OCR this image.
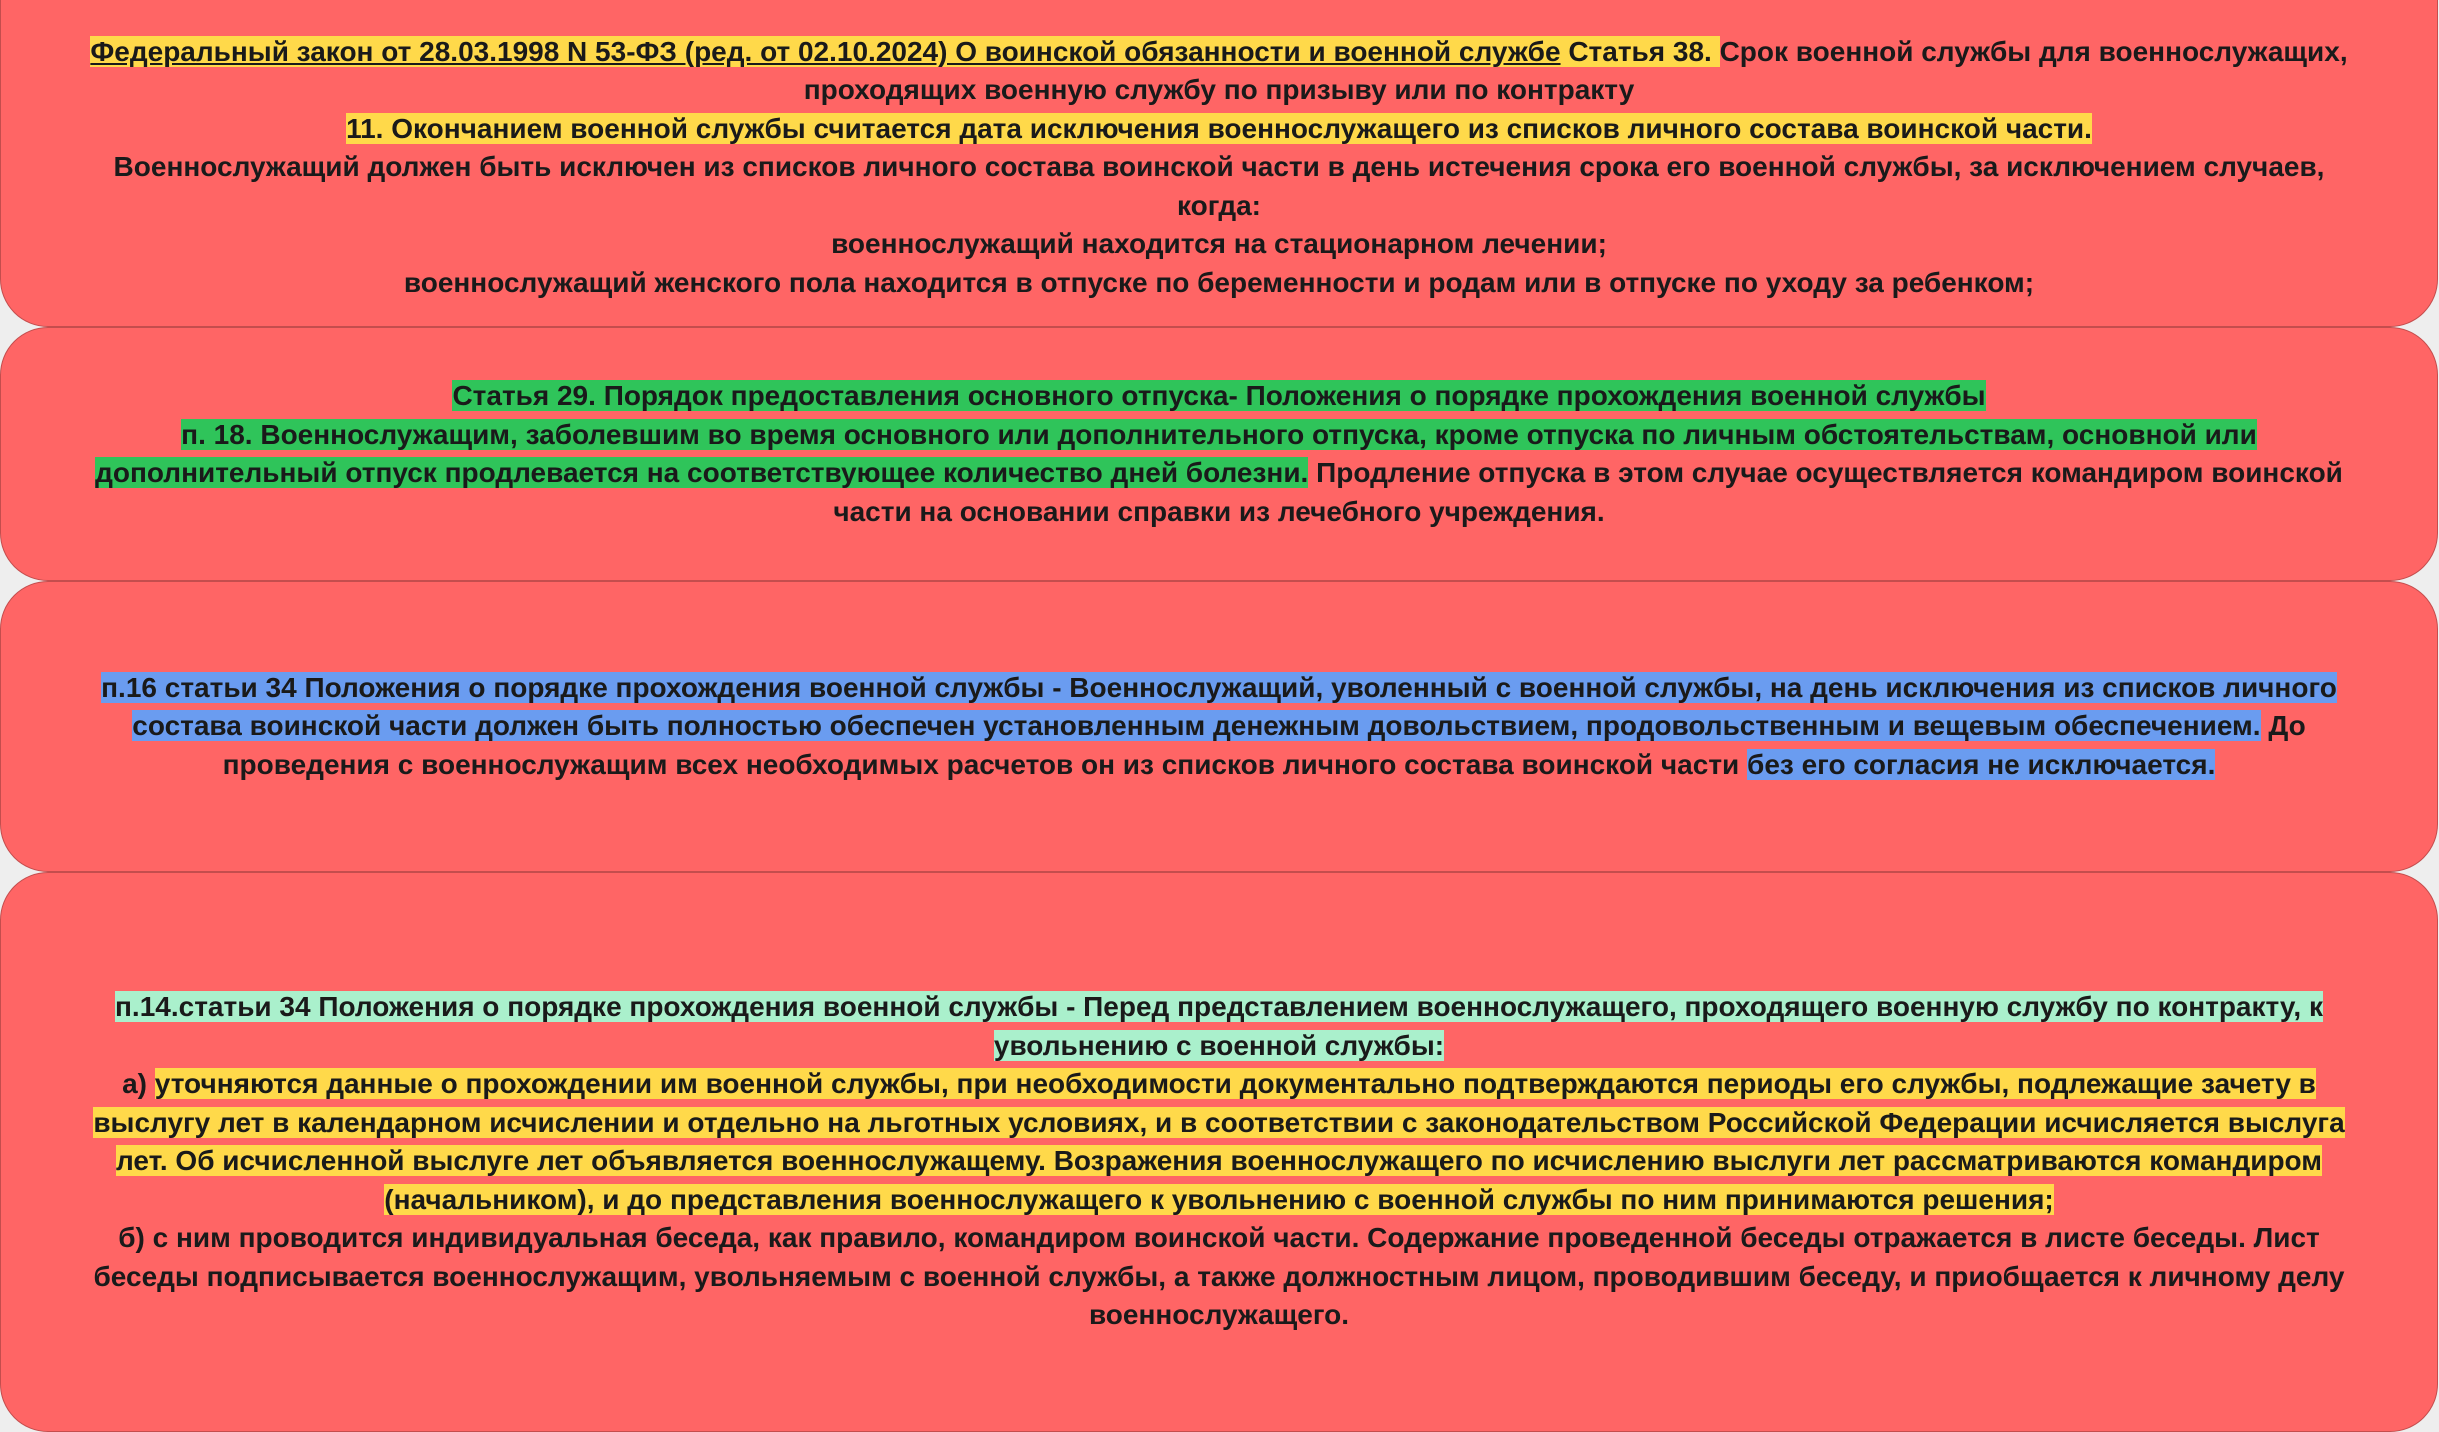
Федеральный закон от 28.03.1998 N 53-ФЗ (ред. от 02.10.2024) О воинской обязанности и военной службе Статья 38. Срок военной службы для военнослужащих,
проходящих военную службу по призыву или по контракту
11. Окончанием военной службы считается дата исключения военнослужащего из списков личного состава воинской части.
Военнослужащий должен быть исключен из списков личного состава воинской части в день истечения срока его военной службы, за исключением случаев,
когда:
военнослужащий находится на стационарном лечении;
военнослужащий женского пола находится в отпуске по беременности и родам или в отпуске по уходу за ребенком;
Статья 29. Порядок предоставления основного отпуска- Положения о порядке прохождения военной службы
п. 18. Военнослужащим, заболевшим во время основного или дополнительного отпуска, кроме отпуска по личным обстоятельствам, основной или
дополнительный отпуск продлевается на соответствующее количество дней болезни. Продление отпуска в этом случае осуществляется командиром воинской
части на основании справки из лечебного учреждения.
п.16 статьи 34 Положения о порядке прохождения военной службы - Военнослужащий, уволенный с военной службы, на день исключения из списков личного
состава воинской части должен быть полностью обеспечен установленным денежным довольствием, продовольственным и вещевым обеспечением. До
проведения с военнослужащим всех необходимых расчетов он из списков личного состава воинской части без его согласия не исключается.
п.14.статьи 34 Положения о порядке прохождения военной службы - Перед представлением военнослужащего, проходящего военную службу по контракту, к
увольнению с военной службы:
а) уточняются данные о прохождении им военной службы, при необходимости документально подтверждаются периоды его службы, подлежащие зачету в
выслугу лет в календарном исчислении и отдельно на льготных условиях, и в соответствии с законодательством Российской Федерации исчисляется выслуга
лет. Об исчисленной выслуге лет объявляется военнослужащему. Возражения военнослужащего по исчислению выслуги лет рассматриваются командиром
(начальником), и до представления военнослужащего к увольнению с военной службы по ним принимаются решения;
б) с ним проводится индивидуальная беседа, как правило, командиром воинской части. Содержание проведенной беседы отражается в листе беседы. Лист
беседы подписывается военнослужащим, увольняемым с военной службы, а также должностным лицом, проводившим беседу, и приобщается к личному делу
военнослужащего.
